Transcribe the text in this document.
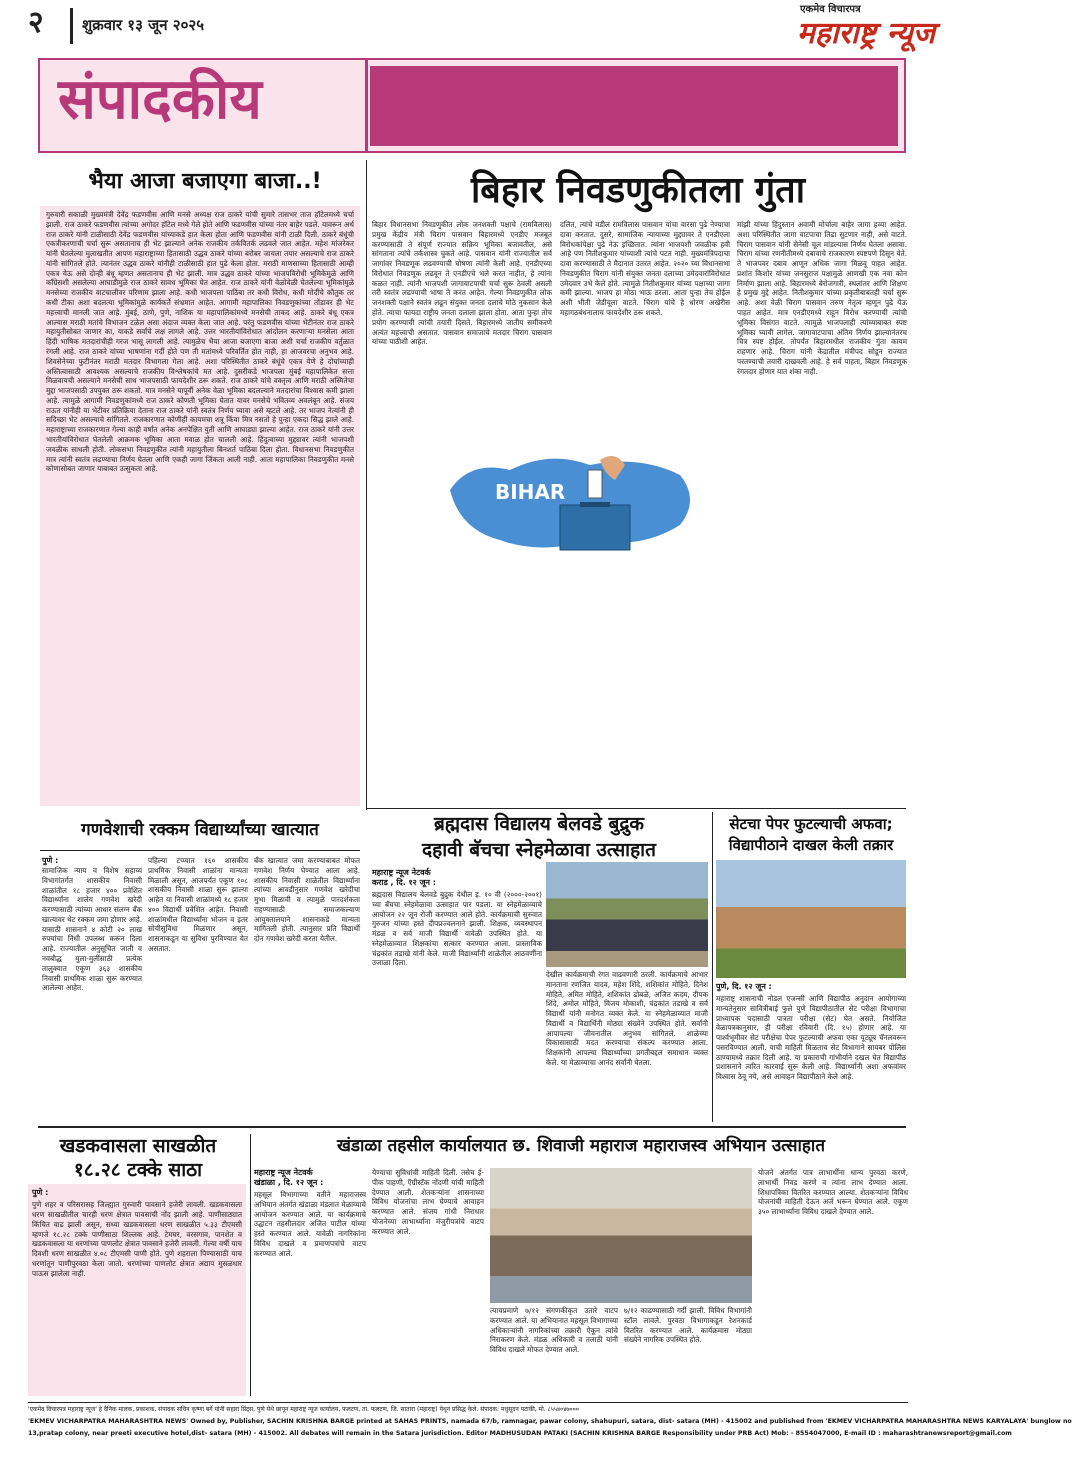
२	शुक्रवार १३ जून २०२५
एकमेव विचारपत्र
महाराष्ट्र न्यूज
संपादकीय
भैया आजा बजाएगा बाजा..!
गुरुवारी सकाळी मुख्यमंत्री देवेंद्र फडणवीस आणि मनसे अध्यक्ष राज ठाकरे यांची सुमारे तासभर ताज हॉटेलमध्ये चर्चा झाली. राज ठाकरे फडणवीस त्यांच्या अगोदर हॉटेल मध्ये गेले होते आणि फडणवीस यांच्या नंतर बाहेर पडले. यावरून अर्थ राज ठाकरे यांनी टाळीसाठी देवेंद्र फडणवीस यांच्याकडे हात केला होता आणि फडणवीस यांनी टाळी दिली. ठाकरे बंधूंची एकत्रीकरणाची चर्चा सुरू असतानाच ही भेट झाल्याने अनेक राजकीय तर्कवितर्क लढवले जात आहेत. महेश मांजरेकर यांनी घेतलेल्या मुलाखतीत आपण महाराष्ट्राच्या हितासाठी उद्धव ठाकरे यांच्या बरोबर जायला तयार असल्याचे राज ठाकरे यांनी सांगितले होते. त्यानंतर उद्धव ठाकरे यांनीही टाळीसाठी हात पुढे केला होता. मराठी माणसाच्या हितासाठी आम्ही एकत्र येऊ असे दोन्ही बंधू म्हणत असतानाच ही भेट झाली. मात्र उद्धव ठाकरे यांच्या भाजपविरोधी भूमिकेमुळे आणि काँग्रेसशी असलेल्या आघाडीमुळे राज ठाकरे सावध भूमिका घेत आहेत. राज ठाकरे यांनी वेळोवेळी घेतलेल्या भूमिकांमुळे मनसेच्या राजकीय वाटचालीवर परिणाम झाला आहे. कधी भाजपला पाठिंबा तर कधी विरोध, कधी मोदींचे कौतुक तर कधी टीका अशा बदलत्या भूमिकांमुळे कार्यकर्ते संभ्रमात आहेत. आगामी महापालिका निवडणुकांच्या तोंडावर ही भेट महत्त्वाची मानली जात आहे. मुंबई, ठाणे, पुणे, नाशिक या महापालिकांमध्ये मनसेची ताकद आहे. ठाकरे बंधू एकत्र आल्यास मराठी मतांचे विभाजन टळेल असा अंदाज व्यक्त केला जात आहे. परंतु फडणवीस यांच्या भेटीनंतर राज ठाकरे महायुतीसोबत जाणार का, याकडे सर्वांचे लक्ष लागले आहे. उत्तर भारतीयांविरोधात आंदोलन करणाऱ्या मनसेला आता हिंदी भाषिक मतदारांचीही गरज भासू लागली आहे. त्यामुळेच भैया आजा बजाएगा बाजा अशी चर्चा राजकीय वर्तुळात रंगली आहे. राज ठाकरे यांच्या भाषणांना गर्दी होते पण ती मतांमध्ये परिवर्तित होत नाही, हा आजवरचा अनुभव आहे. शिवसेनेच्या फुटीनंतर मराठी मतदार विभागला गेला आहे. अशा परिस्थितीत ठाकरे बंधूंचे एकत्र येणे हे दोघांच्याही अस्तित्वासाठी आवश्यक असल्याचे राजकीय विश्लेषकांचे मत आहे. दुसरीकडे भाजपला मुंबई महापालिकेत सत्ता मिळवायची असल्याने मनसेची साथ भाजपसाठी फायदेशीर ठरू शकते. राज ठाकरे यांचे वक्तृत्व आणि मराठी अस्मितेचा मुद्दा भाजपसाठी उपयुक्त ठरू शकतो. मात्र मनसेने यापूर्वी अनेक वेळा भूमिका बदलल्याने मतदारांचा विश्वास कमी झाला आहे. त्यामुळे आगामी निवडणुकांमध्ये राज ठाकरे कोणती भूमिका घेतात यावर मनसेचे भवितव्य अवलंबून आहे. संजय राऊत यांनीही या भेटीवर प्रतिक्रिया देताना राज ठाकरे यांनी स्वतंत्र निर्णय घ्यावा असे म्हटले आहे. तर भाजप नेत्यांनी ही सदिच्छा भेट असल्याचे सांगितले. राजकारणात कोणीही कायमचा शत्रू किंवा मित्र नसतो हे पुन्हा एकदा सिद्ध झाले आहे. महाराष्ट्राच्या राजकारणात गेल्या काही वर्षांत अनेक अनपेक्षित युती आणि आघाड्या झाल्या आहेत. राज ठाकरे यांनी उत्तर भारतीयांविरोधात घेतलेली आक्रमक भूमिका आता मवाळ होत चालली आहे. हिंदुत्वाच्या मुद्द्यावर त्यांनी भाजपशी जवळीक साधली होती. लोकसभा निवडणुकीत त्यांनी महायुतीला बिनशर्त पाठिंबा दिला होता. विधानसभा निवडणुकीत मात्र त्यांनी स्वतंत्र लढण्याचा निर्णय घेतला आणि एकही जागा जिंकता आली नाही. आता महापालिका निवडणुकीत मनसे कोणासोबत जाणार याबाबत उत्सुकता आहे.
बिहार निवडणुकीतला गुंता
बिहार विधानसभा निवडणुकीत लोक जनशक्ती पक्षाचे (रामविलास) प्रमुख केंद्रीय मंत्री चिराग पासवान बिहारमध्ये एनडीए मजबूत करण्यासाठी ते संपूर्ण राज्यात सक्रिय भूमिका बजावतील, असे सांगताना त्यांचे तर्कशास्त्र चुकते आहे. पासवान यांनी राज्यातील सर्व जागांवर निवडणूक लढवण्याची घोषणा त्यांनी केली आहे. एनडीएच्या विरोधात निवडणूक लढवून ते एनडीएचे भले करत नाहीत, हे त्यांना कळत नाही. त्यांनी भाजपशी जागावाटपाची चर्चा सुरू ठेवली असली तरी स्वतंत्र लढण्याची भाषा ते करत आहेत. गेल्या निवडणुकीत लोक जनशक्ती पक्षाने स्वतंत्र लढून संयुक्त जनता दलाचे मोठे नुकसान केले होते. त्याचा फायदा राष्ट्रीय जनता दलाला झाला होता. आता पुन्हा तोच प्रयोग करण्याची त्यांची तयारी दिसते. बिहारमध्ये जातीय समीकरणे अत्यंत महत्त्वाची असतात. पासवान समाजाचे मतदार चिराग पासवान यांच्या पाठीशी आहेत.
BIHAR
दलित, त्यांचे वडील रामविलास पासवान यांचा वारसा पुढे नेण्याचा दावा करतात. दुसरे, सामाजिक न्यायाच्या मुद्द्यावर ते एनडीएला विरोधकांपेक्षा पुढे नेऊ इच्छितात. त्यांना भाजपशी जवळीक हवी आहे पण नितीशकुमार यांच्याशी त्यांचे पटत नाही. मुख्यमंत्रिपदाचा दावा करण्यासाठी ते मैदानात उतरत आहेत. २०२० च्या विधानसभा निवडणुकीत चिराग यांनी संयुक्त जनता दलाच्या उमेदवारांविरोधात उमेदवार उभे केले होते. त्यामुळे नितीशकुमार यांच्या पक्षाच्या जागा कमी झाल्या. भाजप हा मोठा भाऊ ठरला. आता पुन्हा तेच होईल अशी भीती जेडीयूला वाटते. चिराग यांचे हे धोरण अखेरीस महागठबंधनालाच फायदेशीर ठरू शकते.
मांझी यांच्या हिंदुस्तान अवामी मोर्चाला बाहेर जागा हव्या आहेत. अशा परिस्थितीत जागा वाटपाचा तिढा सुटणार नाही, असे वाटते. चिराग पासवान यांनी सेनेसी चूल मांडल्यास निर्णय घेतला असावा. चिराग यांच्या रणनीतीमध्ये दबावाचे राजकारण स्पष्टपणे दिसून येते. ते भाजपवर दबाव आणून अधिक जागा मिळवू पाहत आहेत. प्रशांत किशोर यांच्या जनसुराज पक्षामुळे आणखी एक नवा कोन निर्माण झाला आहे. बिहारमध्ये बेरोजगारी, स्थलांतर आणि शिक्षण हे प्रमुख मुद्दे आहेत. नितीशकुमार यांच्या प्रकृतीबाबतही चर्चा सुरू आहे. अशा वेळी चिराग पासवान तरुण नेतृत्व म्हणून पुढे येऊ पाहत आहेत. मात्र एनडीएमध्ये राहून विरोध करण्याची त्यांची भूमिका विसंगत वाटते. त्यामुळे भाजपलाही त्यांच्याबाबत स्पष्ट भूमिका घ्यावी लागेल. जागावाटपाचा अंतिम निर्णय झाल्यानंतरच चित्र स्पष्ट होईल. तोपर्यंत बिहारमधील राजकीय गुंता कायम राहणार आहे. चिराग यांनी केंद्रातील मंत्रीपद सोडून राज्यात परतण्याची तयारी दाखवली आहे. हे सर्व पाहता, बिहार निवडणूक रंगतदार होणार यात शंका नाही.
ब्रह्मदास विद्यालय बेलवडे बुद्रुक
दहावी बॅचचा स्नेहमेळावा उत्साहात
महाराष्ट्र न्यूज नेटवर्क
कराड , दि. १२ जून :
ब्रह्मदास विद्यालय बेलवडे बुद्रुक येथील इ. १० वी (२०००-२००१) च्या बॅचचा स्नेहमेळावा उत्साहात पार पडला. या स्नेहमेळाव्याचे आयोजन २२ जून रोजी करण्यात आले होते. कार्यक्रमाची सुरुवात गुरुजन यांच्या हस्ते दीपप्रज्वलनाने झाली. शिक्षक, व्यवस्थापन मंडळ व सर्व माजी विद्यार्थी यावेळी उपस्थित होते. या स्नेहमेळाव्यात शिक्षकांचा सत्कार करण्यात आला. प्रास्ताविक चंद्रकांत तडाखे यांनी केले. माजी विद्यार्थ्यांनी शाळेतील आठवणींना उजाळा दिला.
देखील कार्यक्रमाची रंगत वाढवणारी ठरली. कार्यक्रमाचे आभार मानताना रणजित यादव, महेश शिंदे, शशिकांत मोहिते, दिनेश मोहिते, अमित मोहिते, शशिकांत ढोबळे, अजित कदम, दीपक शिंदे, अमोल मोहिते, विजय मोकाशी, चंद्रकांत तडाखे व सर्व विद्यार्थी यांनी मनोगत व्यक्त केले. या स्नेहमेळाव्यात माजी विद्यार्थी व विद्यार्थिनी मोठ्या संख्येने उपस्थित होते. सर्वांनी आपापल्या जीवनातील अनुभव सांगितले. शाळेच्या विकासासाठी मदत करण्याचा संकल्प करण्यात आला. शिक्षकांनी आपल्या विद्यार्थ्यांच्या प्रगतीबद्दल समाधान व्यक्त केले. या मेळाव्याचा आनंद सर्वांनी घेतला.
सेटचा पेपर फुटल्याची अफवा;
विद्यापीठाने दाखल केली तक्रार
पुणे, दि. १२ जून :
महाराष्ट्र शासनाची नोडल एजन्सी आणि विद्यापीठ अनुदान आयोगाच्या मान्यतेनुसार सावित्रीबाई फुले पुणे विद्यापीठातील सेट परीक्षा विभागाचा प्राध्यापक पदासाठी पात्रता परीक्षा (सेट) घेत असते. नियोजित वेळापत्रकानुसार, ही परीक्षा रविवारी (दि. १५) होणार आहे. या पार्श्वभूमीवर सेट परीक्षेचा पेपर फुटल्याची अफवा एका यूट्यूब चॅनलवरून पसरविण्यात आली. याची माहिती मिळताच सेट विभागाने सायबर पोलिस ठाण्यामध्ये तक्रार दिली आहे. या प्रकाराची गांभीर्याने दखल घेत विद्यापीठ प्रशासनाने त्वरित कारवाई सुरू केली आहे. विद्यार्थ्यांनी अशा अफवांवर विश्वास ठेवू नये, असे आवाहन विद्यापीठाने केले आहे.
गणवेशाची रक्कम विद्यार्थ्यांच्या खात्यात
पुणे :
सामाजिक न्याय व विशेष सहाय्य विभागांतर्गत शासकीय निवासी शाळांतील १८ हजार ४०० प्रवेशित विद्यार्थ्यांना शालेय गणवेश खरेदी करण्यासाठी त्यांच्या आधार संलग्न बँक खात्यावर थेट रक्कम जमा होणार आहे. यासाठी शासनाने ४ कोटी २० लाख रुपयांचा निधी उपलब्ध करून दिला आहे. राज्यातील अनुसूचित जाती व नवबौद्ध मुला-मुलींसाठी प्रत्येक तालुक्यात एकूण ३६३ शासकीय निवासी प्राथमिक शाळा सुरू करण्यात आलेल्या आहेत.
पहिल्या टप्प्यात १६० शासकीय प्राथमिक निवासी शाळांना मान्यता मिळाली असून, आजपर्यंत एकूण १०८ शासकीय निवासी शाळा सुरू झाल्या आहेत या निवासी शाळांमध्ये १८ हजार ४०० विद्यार्थी प्रवेशित आहेत. निवासी शाळांमधील विद्यार्थ्यांना भोजन व इतर सोयीसुविधा मिळणार असून, शासनाकडून या सुविधा पुरविण्यात येत असतात.
बँक खात्यात जमा करण्याबाबत मोफत गणवेश निर्णय घेण्यात आला आहे. शासकीय निवासी शाळेतील विद्यार्थ्यांना त्यांच्या आवडीनुसार गणवेश खरेदीचा मुभा मिळावी व त्यामुळे पारदर्शकता राहण्यासाठी समाजकल्याण आयुक्तालयाने शासनाकडे मान्यता मागितली होती. त्यानुसार प्रति विद्यार्थी दोन गणवेश खरेदी करता येतील.
खडकवासला साखळीत
१८.२८ टक्के साठा
पुणे :
पुणे शहर व परिसरासह जिल्ह्यात गुरुवारी पावसाने हजेरी लावली. खडकवासला धरण साखळीतील चारही धरण क्षेत्रात पावसाची नोंद झाली आहे. पाणीसाठ्यात किंचित वाढ झाली असून, सध्या खडकवासला धरण साखळीत ५.३३ टीएमसी म्हणजे १८.२८ टक्के पाणीसाठा शिल्लक आहे. टेमघर, वरसगाव, पानशेत व खडकवासला या धरणांच्या पाणलोट क्षेत्रात पावसाने हजेरी लावली. गेल्या वर्षी याच दिवशी धरण साखळीत ४.०८ टीएमसी पाणी होते. पुणे शहराला पिण्यासाठी याच धरणांतून पाणीपुरवठा केला जातो. धरणांच्या पाणलोट क्षेत्रात अद्याप मुसळधार पाऊस झालेला नाही.
खंडाळा तहसील कार्यालयात छ. शिवाजी महाराज महाराजस्व अभियान उत्साहात
महाराष्ट्र न्यूज नेटवर्क
खंडाळा , दि. १२ जून :
महसूल विभागाच्या वतीने महाराजस्व अभियान अंतर्गत खंडाळा मंडलात मेळाव्याचे आयोजन करण्यात आले. या कार्यक्रमाचे उद्घाटन तहसीलदार अजित पाटील यांच्या हस्ते करण्यात आले. यावेळी नागरिकांना विविध दाखले व प्रमाणपत्रांचे वाटप करण्यात आले.
येण्याचा सुविधांची माहिती दिली. तसेच ई-पीक पाहणी, ऍग्रीस्टॅक नोंदणी यांची माहिती देण्यात आली. शेतकऱ्यांना शासनाच्या विविध योजनांचा लाभ घेण्याचे आवाहन करण्यात आले. संजय गांधी निराधार योजनेच्या लाभार्थ्यांना मंजुरीपत्रांचे वाटप करण्यात आले.
त्याचप्रमाणे ७/१२ संगणकीकृत उतारे वाटप करण्यात आले. या अभियानात महसूल विभागाच्या अधिकाऱ्यांनी नागरिकांच्या तक्रारी ऐकून त्यांचे निराकरण केले. मंडळ अधिकारी व तलाठी यांनी विविध दाखले मोफत देण्यात आले.
७/१२ काढण्यासाठी गर्दी झाली. विविध विभागांनी स्टॉल लावले. पुरवठा विभागाकडून रेशनकार्ड वितरित करण्यात आले. कार्यक्रमास मोठ्या संख्येने नागरिक उपस्थित होते.
योजने अंतर्गत पात्र लाभार्थीना धान्य पुरवठा करणे, लाभार्थी निवड करणे व त्यांना लाभ देण्यात आला. शिधापत्रिका वितरित करण्यात आल्या. शेतकऱ्यांना विविध योजनांची माहिती देऊन अर्ज भरून घेण्यात आले. एकूण ३५० लाभार्थ्यांना विविध दाखले देण्यात आले.
'एकमेव विचारपत्र महाराष्ट्र न्यूज' हे दैनिक मालक, प्रकाशक, संपादक सचिन कृष्णा बर्गे यांनी सहारा प्रिंट्स, पुणे येथे छापून महाराष्ट्र न्यूज कार्यालय, फलटण, ता. फलटण, जि. सातारा (महाराष्ट्र) येथून प्रसिद्ध केले. संपादक: मधुसूदन पटाकी, मो. ८५५४०४७०००
'EKMEV VICHARPATRA MAHARASHTRA NEWS' Owned by, Publisher, SACHIN KRISHNA BARGE printed at SAHAS PRINTS, namada 67/b, ramnagar, pawar colony, shahupuri, satara, dist- satara (MH) - 415002 and published from 'EKMEV VICHARPATRA MAHARASHTRA NEWS KARYALAYA' bunglow no
13,pratap colony, near preeti executive hotel,dist- satara (MH) - 415002. All debates will remain in the Satara jurisdiction. Editor MADHUSUDAN PATAKI (SACHIN KRISHNA BARGE Responsibility under PRB Act) Mob: - 8554047000, E-mail ID : maharashtranewsreport@gmail.com
